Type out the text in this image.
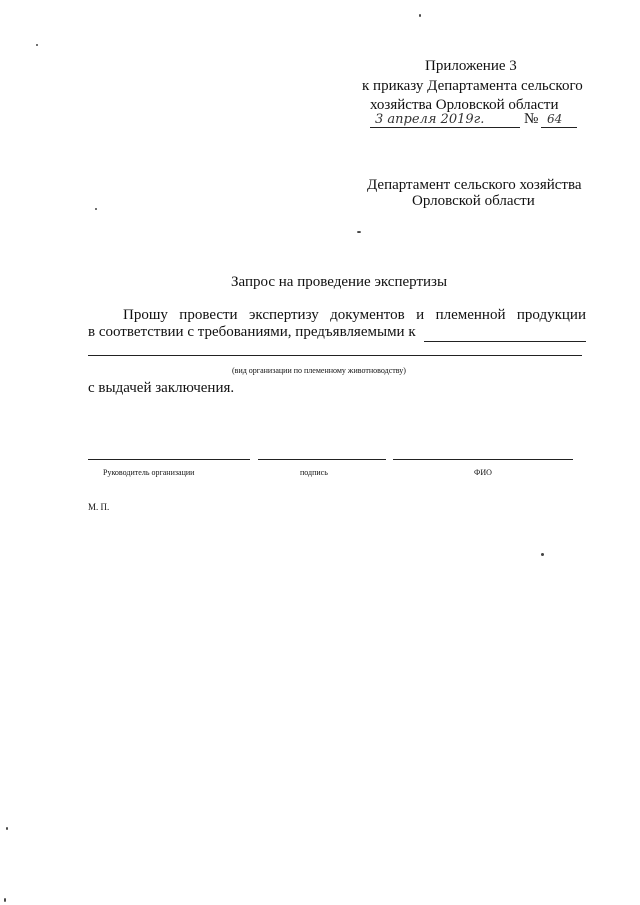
Приложение 3
к приказу Департамента сельского
хозяйства Орловской области
3 апреля 2019г.	№ 64
Департамент сельского хозяйства
Орловской области
Запрос на проведение экспертизы
Прошу провести экспертизу документов и племенной продукции
в соответствии с требованиями, предъявляемыми к
(вид организации по племенному животноводству)
с выдачей заключения.
Руководитель организации	подпись	ФИО
М. П.
